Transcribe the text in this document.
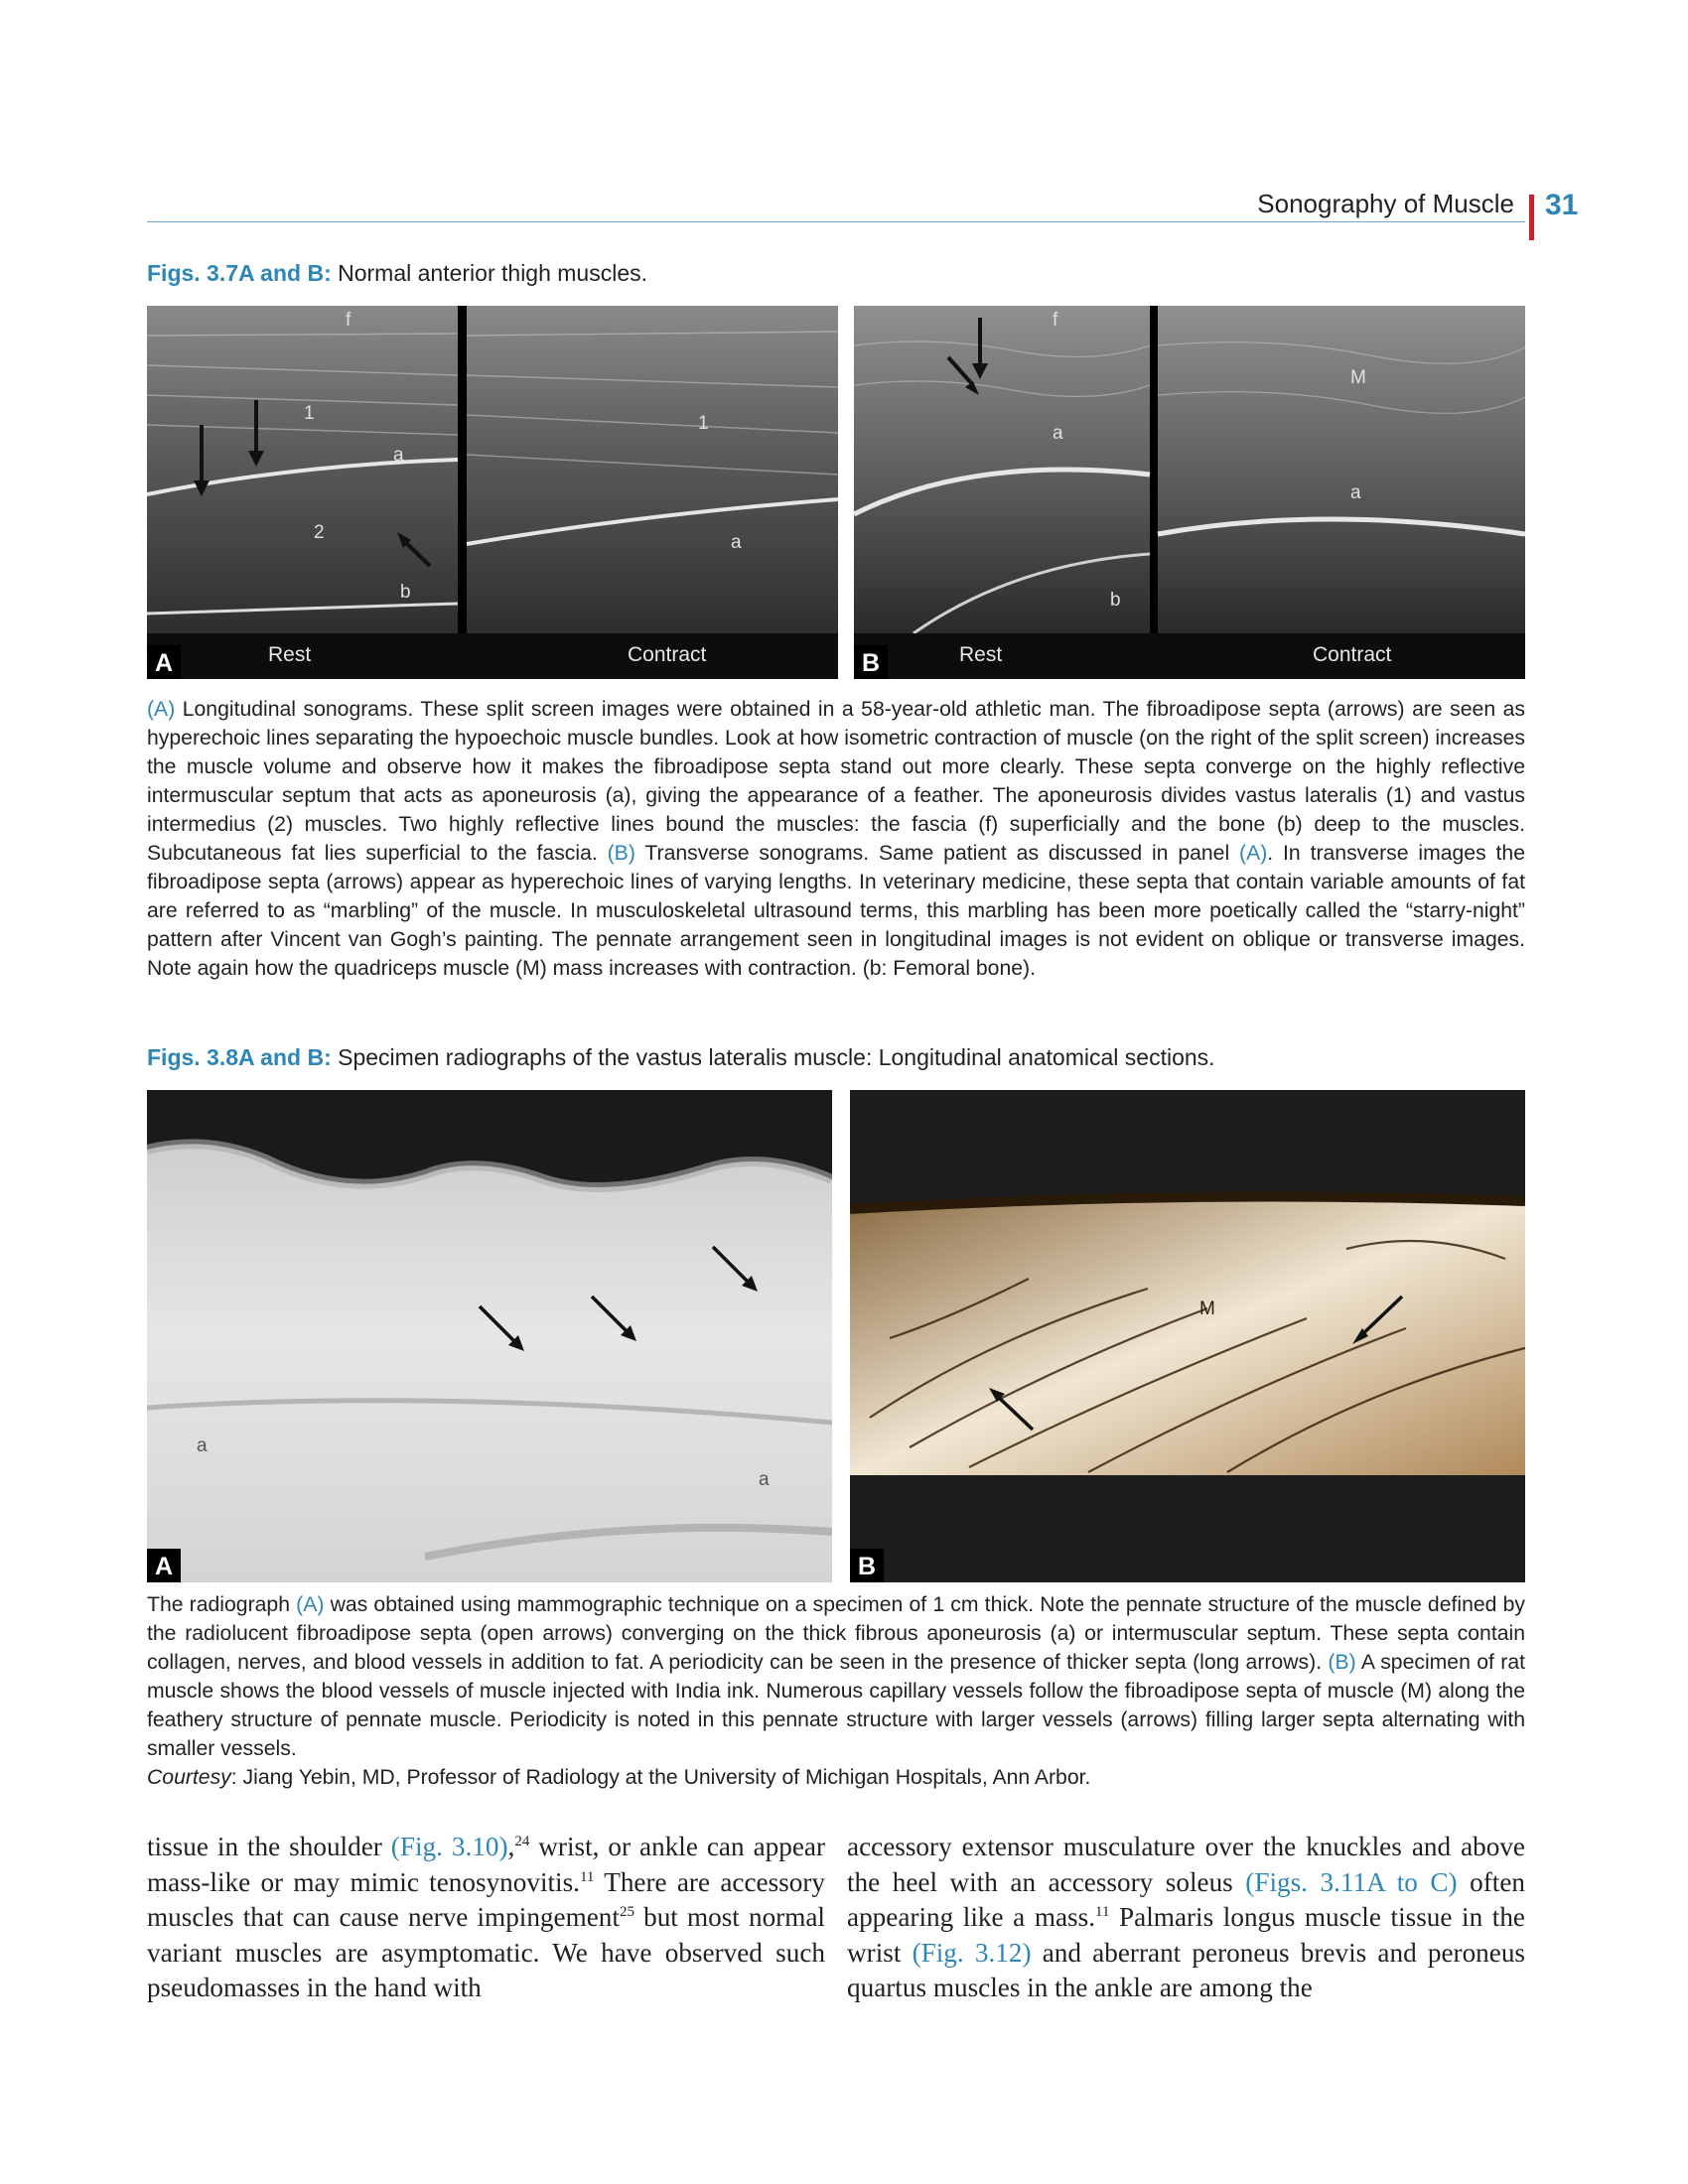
Sonography of Muscle 31
Figs. 3.7A and B: Normal anterior thigh muscles.
f
1
a
2
b
1
a
Rest	Contract
A
f
a
b
M
a
Rest	Contract
B
(A) Longitudinal sonograms. These split screen images were obtained in a 58-year-old athletic man. The fibroadipose septa (arrows) are seen as hyperechoic lines separating the hypoechoic muscle bundles. Look at how isometric contraction of muscle (on the right of the split screen) increases the muscle volume and observe how it makes the fibroadipose septa stand out more clearly. These septa converge on the highly reflective intermuscular septum that acts as aponeurosis (a), giving the appearance of a feather. The aponeurosis divides vastus lateralis (1) and vastus intermedius (2) muscles. Two highly reflective lines bound the muscles: the fascia (f) superficially and the bone (b) deep to the muscles. Subcutaneous fat lies superficial to the fascia. (B) Transverse sonograms. Same patient as discussed in panel (A). In transverse images the fibroadipose septa (arrows) appear as hyperechoic lines of varying lengths. In veterinary medicine, these septa that contain variable amounts of fat are referred to as “marbling” of the muscle. In musculoskeletal ultrasound terms, this marbling has been more poetically called the “starry-night” pattern after Vincent van Gogh’s painting. The pennate arrangement seen in longitudinal images is not evident on oblique or transverse images. Note again how the quadriceps muscle (M) mass increases with contraction. (b: Femoral bone).
Figs. 3.8A and B: Specimen radiographs of the vastus lateralis muscle: Longitudinal anatomical sections.
a
a
A
M
B
The radiograph (A) was obtained using mammographic technique on a specimen of 1 cm thick. Note the pennate structure of the muscle defined by the radiolucent fibroadipose septa (open arrows) converging on the thick fibrous aponeurosis (a) or intermuscular septum. These septa contain collagen, nerves, and blood vessels in addition to fat. A periodicity can be seen in the presence of thicker septa (long arrows). (B) A specimen of rat muscle shows the blood vessels of muscle injected with India ink. Numerous capillary vessels follow the fibroadipose septa of muscle (M) along the feathery structure of pennate muscle. Periodicity is noted in this pennate structure with larger vessels (arrows) filling larger septa alternating with smaller vessels.
Courtesy: Jiang Yebin, MD, Professor of Radiology at the University of Michigan Hospitals, Ann Arbor.
tissue in the shoulder (Fig. 3.10),$^{24}$ wrist, or ankle can appear mass-like or may mimic tenosynovitis.$^{11}$ There are accessory muscles that can cause nerve impingement$^{25}$ but most normal variant muscles are asymptomatic. We have observed such pseudomasses in the hand with
accessory extensor musculature over the knuckles and above the heel with an accessory soleus (Figs. 3.11A to C) often appearing like a mass.$^{11}$ Palmaris longus muscle tissue in the wrist (Fig. 3.12) and aberrant peroneus brevis and peroneus quartus muscles in the ankle are among the
